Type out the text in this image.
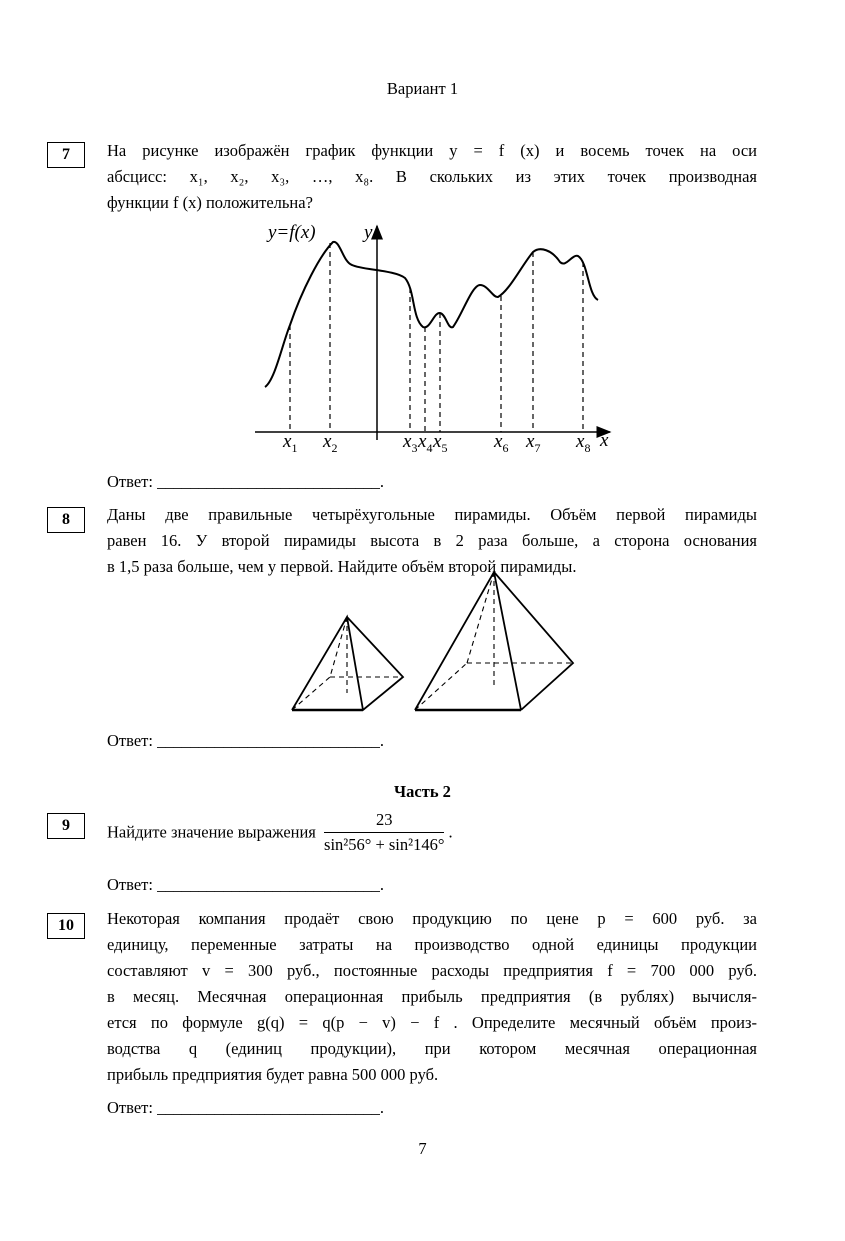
Вариант 1
7	На рисунке изображён график функции y = f (x) и восемь точек на оси
абсцисс: x₁, x₂, x₃, …, x₈. В скольких из этих точек производная
функции f (x) положительна?
y=f(x)	y
x
$x_1$ $x_2$	$x_3$ $x_4$ $x_5$ $x_6$ $x_7$ $x_8$
Ответ: ___________________________.
8	Даны две правильные четырёхугольные пирамиды. Объём первой пирамиды
равен 16. У второй пирамиды высота в 2 раза больше, а сторона основания
в 1,5 раза больше, чем у первой. Найдите объём второй пирамиды.
Ответ: ___________________________.
Часть 2
9	Найдите значение выражения $\frac{23}{\text{sin²56° + sin²146°}}$ .
Ответ: ___________________________.
10	Некоторая компания продаёт свою продукцию по цене p = 600 руб. за
единицу, переменные затраты на производство одной единицы продукции
составляют v = 300 руб., постоянные расходы предприятия f = 700 000 руб.
в месяц. Месячная операционная прибыль предприятия (в рублях) вычисля-
ется по формуле g(q) = q(p − v) − f . Определите месячный объём произ-
водства q (единиц продукции), при котором месячная операционная
прибыль предприятия будет равна 500 000 руб.
Ответ: ___________________________.
7
